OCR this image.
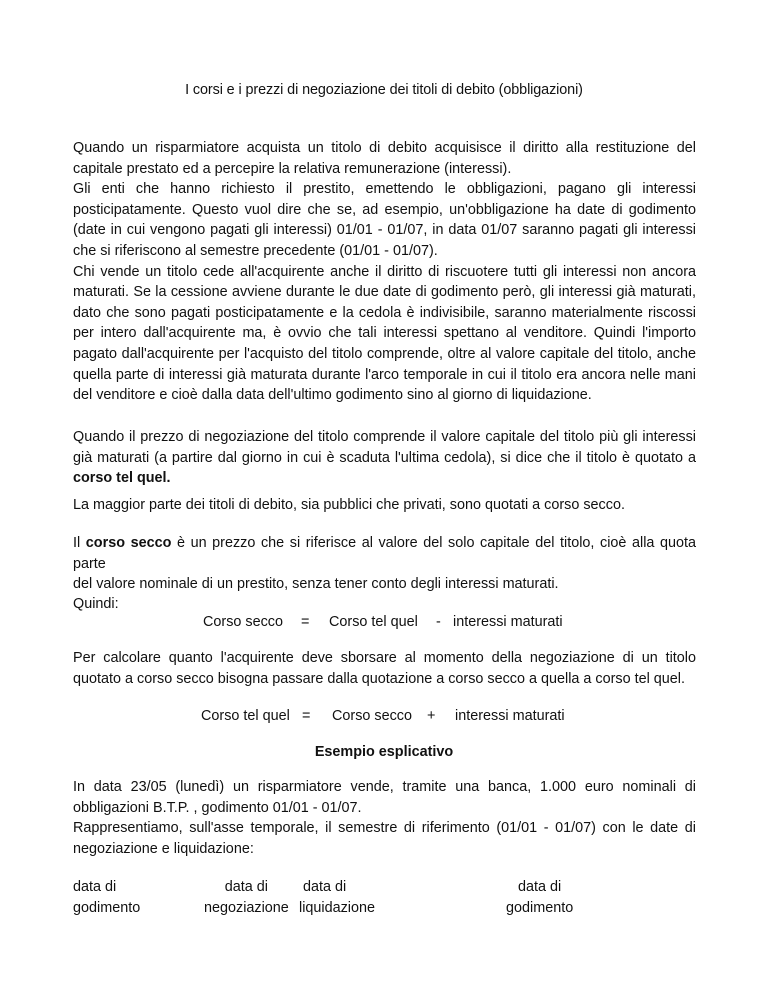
I corsi e i prezzi di negoziazione dei titoli di debito (obbligazioni)
Quando un risparmiatore acquista un titolo di debito acquisisce il diritto alla restituzione del
capitale prestato ed a percepire la relativa remunerazione (interessi).
Gli enti che hanno richiesto il prestito, emettendo le obbligazioni, pagano gli interessi
posticipatamente. Questo vuol dire che se, ad esempio, un'obbligazione ha date di godimento
(date in cui vengono pagati gli interessi) 01/01 - 01/07, in data 01/07 saranno pagati gli interessi
che si riferiscono al semestre precedente (01/01 - 01/07).
Chi vende un titolo cede all'acquirente anche il diritto di riscuotere tutti gli interessi non ancora
maturati. Se la cessione avviene durante le due date di godimento però, gli interessi già maturati,
dato che sono pagati posticipatamente e la cedola è indivisibile, saranno materialmente riscossi
per intero dall'acquirente ma, è ovvio che tali interessi spettano al venditore. Quindi l'importo
pagato dall'acquirente per l'acquisto del titolo comprende, oltre al valore capitale del titolo, anche
quella parte di interessi già maturata durante l'arco temporale in cui il titolo era ancora nelle mani
del venditore e cioè dalla data dell'ultimo godimento sino al giorno di liquidazione.
Quando il prezzo di negoziazione del titolo comprende il valore capitale del titolo più gli interessi
già maturati (a partire dal giorno in cui è scaduta l'ultima cedola), si dice che il titolo è quotato a
corso tel quel.
La maggior parte dei titoli di debito, sia pubblici che privati, sono quotati a corso secco.
Il corso secco è un prezzo che si riferisce al valore del solo capitale del titolo, cioè alla quota parte
del valore nominale di un prestito, senza tener conto degli interessi maturati.
Quindi:
Corso secco	=	Corso tel quel	- interessi maturati
Per calcolare quanto l'acquirente deve sborsare al momento della negoziazione di un titolo
quotato a corso secco bisogna passare dalla quotazione a corso secco a quella a corso tel quel.
Corso tel quel =	Corso secco	+	interessi maturati
Esempio esplicativo
In data 23/05 (lunedì) un risparmiatore vende, tramite una banca, 1.000 euro nominali di
obbligazioni B.T.P. , godimento 01/01 - 01/07.
Rappresentiamo, sull'asse temporale, il semestre di riferimento (01/01 - 01/07) con le date di
negoziazione e liquidazione:
data di
godimento
data di
negoziazione
data di
liquidazione
data di
godimento
